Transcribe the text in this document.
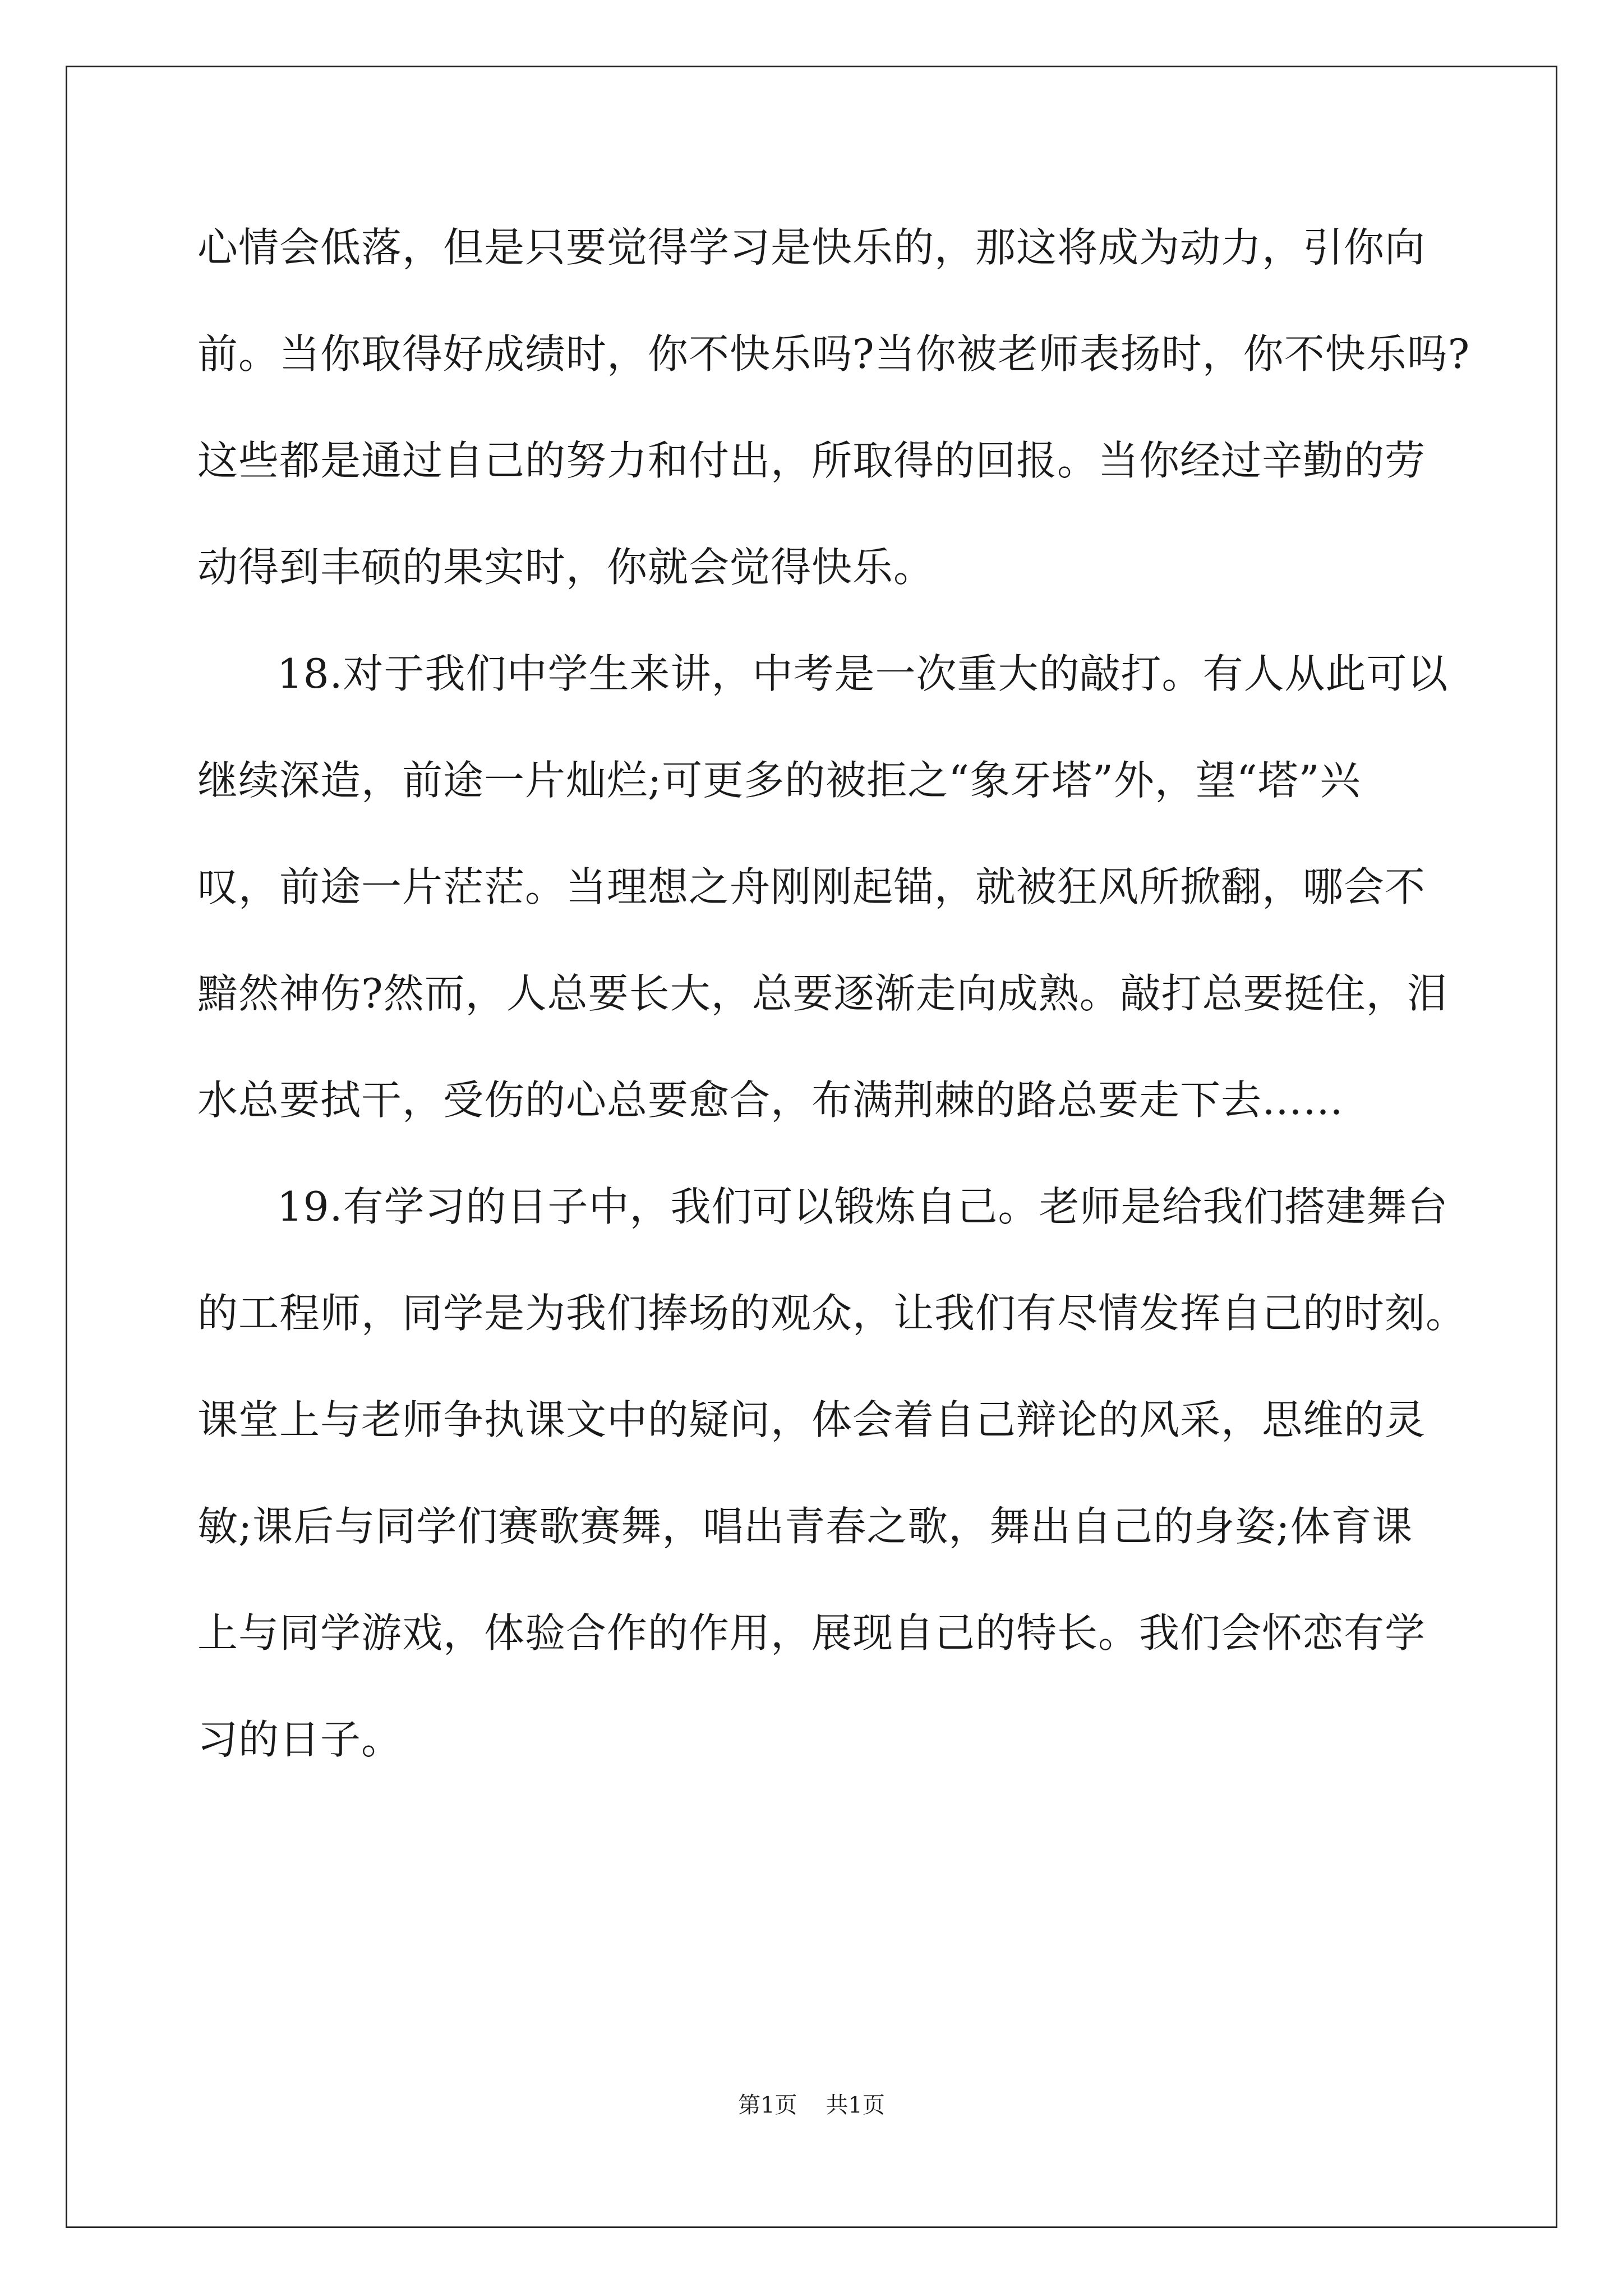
心情会低落，但是只要觉得学习是快乐的，那这将成为动力，引你向

前。当你取得好成绩时，你不快乐吗?当你被老师表扬时，你不快乐吗?

这些都是通过自己的努力和付出，所取得的回报。当你经过辛勤的劳

动得到丰硕的果实时，你就会觉得快乐。

18.对于我们中学生来讲，中考是一次重大的敲打。有人从此可以

继续深造，前途一片灿烂;可更多的被拒之“象牙塔”外，望“塔”兴

叹，前途一片茫茫。当理想之舟刚刚起锚，就被狂风所掀翻，哪会不

黯然神伤?然而，人总要长大，总要逐渐走向成熟。敲打总要挺住，泪

水总要拭干，受伤的心总要愈合，布满荆棘的路总要走下去……

19.有学习的日子中，我们可以锻炼自己。老师是给我们搭建舞台

的工程师，同学是为我们捧场的观众，让我们有尽情发挥自己的时刻。

课堂上与老师争执课文中的疑问，体会着自己辩论的风采，思维的灵

敏;课后与同学们赛歌赛舞，唱出青春之歌，舞出自己的身姿;体育课

上与同学游戏，体验合作的作用，展现自己的特长。我们会怀恋有学

习的日子。

第1页 共1页
